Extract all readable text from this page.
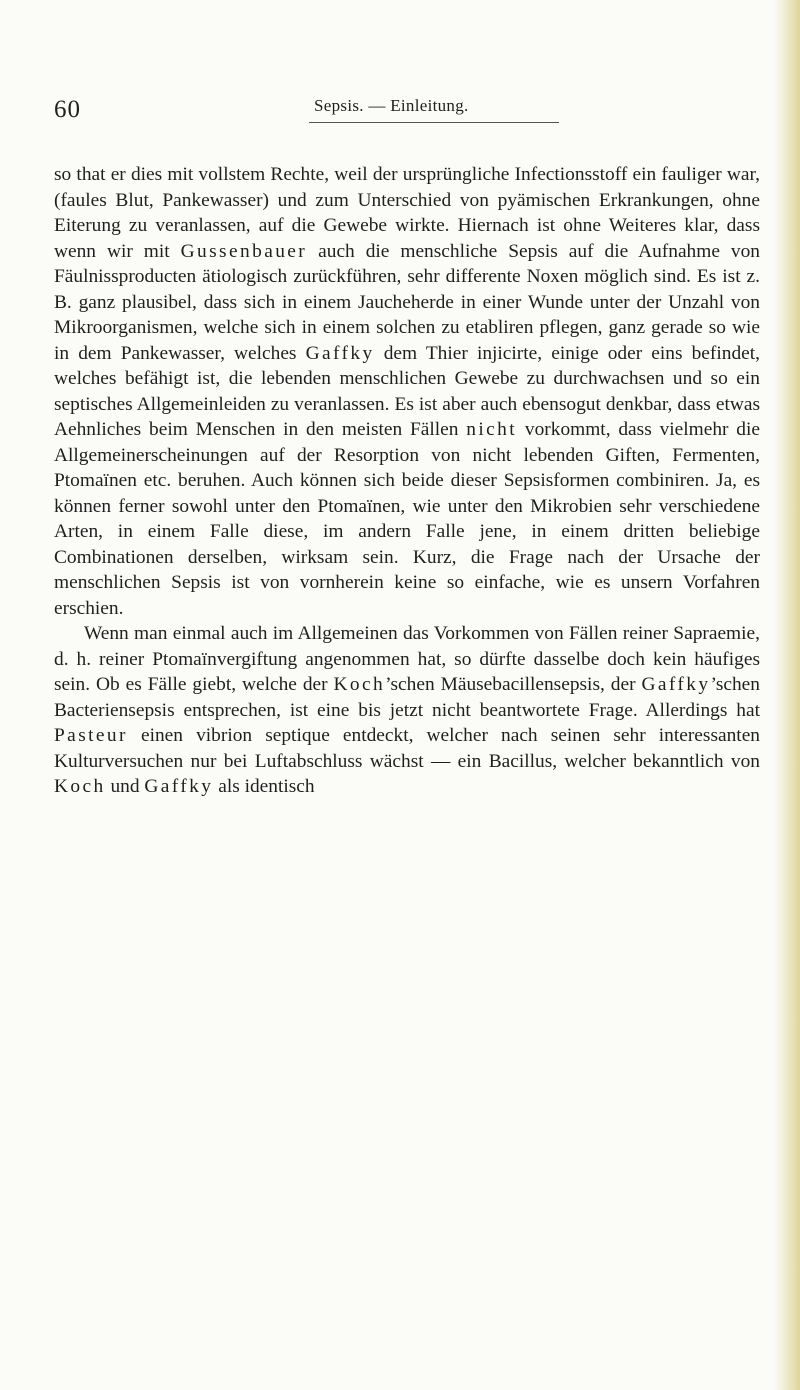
60	Sepsis. — Einleitung.

so that er dies mit vollstem Rechte, weil der ursprüngliche Infectionsstoff ein fauliger war, (faules Blut, Pankewasser) und zum Unterschied von pyämischen Erkrankungen, ohne Eiterung zu veranlassen, auf die Gewebe wirkte. Hiernach ist ohne Weiteres klar, dass wenn wir mit Gussenbauer auch die menschliche Sepsis auf die Aufnahme von Fäulnissproducten ätiologisch zurückführen, sehr differente Noxen möglich sind. Es ist z. B. ganz plausibel, dass sich in einem Jaucheherde in einer Wunde unter der Unzahl von Mikroorganismen, welche sich in einem solchen zu etabliren pflegen, ganz gerade so wie in dem Pankewasser, welches Gaffky dem Thier injicirte, einige oder eins befindet, welches befähigt ist, die lebenden menschlichen Gewebe zu durchwachsen und so ein septisches Allgemeinleiden zu veranlassen. Es ist aber auch ebensogut denkbar, dass etwas Aehnliches beim Menschen in den meisten Fällen nicht vorkommt, dass vielmehr die Allgemeinerscheinungen auf der Resorption von nicht lebenden Giften, Fermenten, Ptomaïnen etc. beruhen. Auch können sich beide dieser Sepsisformen combiniren. Ja, es können ferner sowohl unter den Ptomaïnen, wie unter den Mikrobien sehr verschiedene Arten, in einem Falle diese, im andern Falle jene, in einem dritten beliebige Combinationen derselben, wirksam sein. Kurz, die Frage nach der Ursache der menschlichen Sepsis ist von vornherein keine so einfache, wie es unsern Vorfahren erschien.

Wenn man einmal auch im Allgemeinen das Vorkommen von Fällen reiner Sapraemie, d. h. reiner Ptomaïnvergiftung angenommen hat, so dürfte dasselbe doch kein häufiges sein. Ob es Fälle giebt, welche der Koch’schen Mäusebacillensepsis, der Gaffky’schen Bacteriensepsis entsprechen, ist eine bis jetzt nicht beantwortete Frage. Allerdings hat Pasteur einen vibrion septique entdeckt, welcher nach seinen sehr interessanten Kulturversuchen nur bei Luftabschluss wächst — ein Bacillus, welcher bekanntlich von Koch und Gaffky als identisch
